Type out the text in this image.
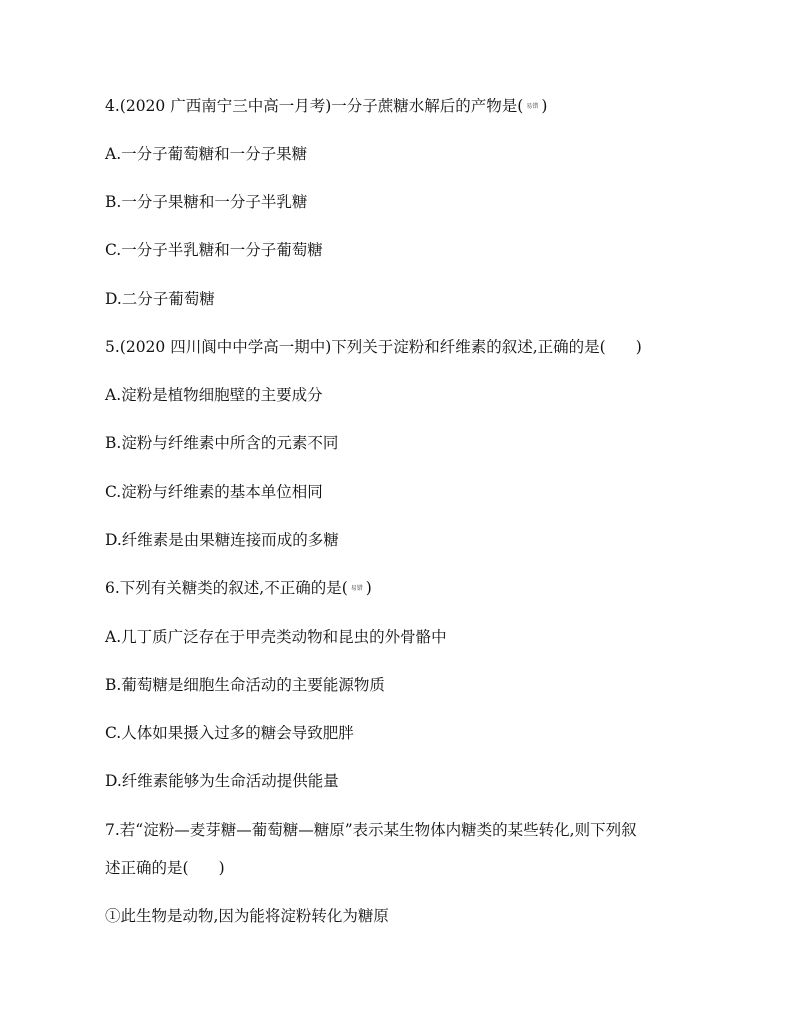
4.(2020 广西南宁三中高一月考)一分子蔗糖水解后的产物是( 易错 )
A.一分子葡萄糖和一分子果糖
B.一分子果糖和一分子半乳糖
C.一分子半乳糖和一分子葡萄糖
D.二分子葡萄糖
5.(2020 四川阆中中学高一期中)下列关于淀粉和纤维素的叙述,正确的是( )
A.淀粉是植物细胞壁的主要成分
B.淀粉与纤维素中所含的元素不同
C.淀粉与纤维素的基本单位相同
D.纤维素是由果糖连接而成的多糖
6.下列有关糖类的叙述,不正确的是( 易错 )
A.几丁质广泛存在于甲壳类动物和昆虫的外骨骼中
B.葡萄糖是细胞生命活动的主要能源物质
C.人体如果摄入过多的糖会导致肥胖
D.纤维素能够为生命活动提供能量
7.若“淀粉—麦芽糖—葡萄糖—糖原”表示某生物体内糖类的某些转化,则下列叙
述正确的是( )
①此生物是动物,因为能将淀粉转化为糖原
